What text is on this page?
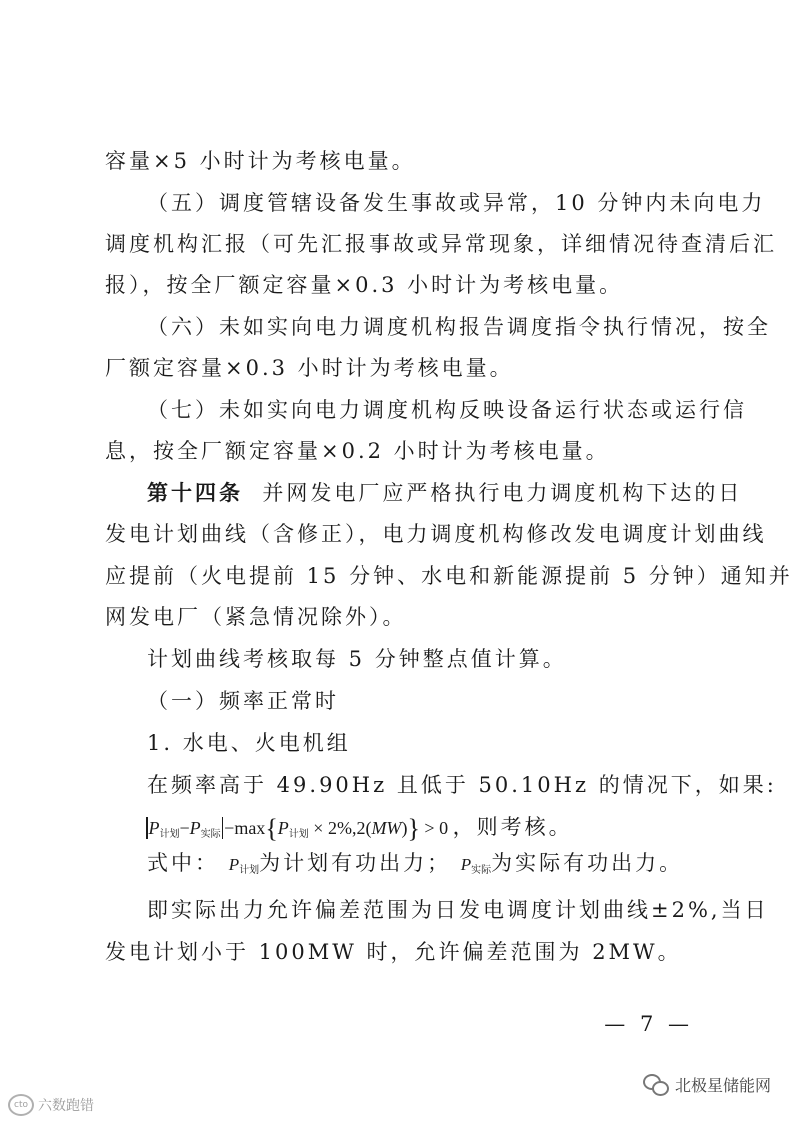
容量×5 小时计为考核电量。
（五）调度管辖设备发生事故或异常，10 分钟内未向电力
调度机构汇报（可先汇报事故或异常现象，详细情况待查清后汇
报），按全厂额定容量×0.3 小时计为考核电量。
（六）未如实向电力调度机构报告调度指令执行情况，按全
厂额定容量×0.3 小时计为考核电量。
（七）未如实向电力调度机构反映设备运行状态或运行信
息，按全厂额定容量×0.2 小时计为考核电量。
第十四条 并网发电厂应严格执行电力调度机构下达的日
发电计划曲线（含修正），电力调度机构修改发电调度计划曲线
应提前（火电提前 15 分钟、水电和新能源提前 5 分钟）通知并
网发电厂（紧急情况除外）。
计划曲线考核取每 5 分钟整点值计算。
（一）频率正常时
1. 水电、火电机组
在频率高于 49.90Hz 且低于 50.10Hz 的情况下，如果:
$P_{计划}-P_{实际} -\max\{P_{计划} \times 2\%,2(MW)\} > 0$ ，则考核。
式中： $P_{计划}$为计划有功出力； $P_{实际}$为实际有功出力。
即实际出力允许偏差范围为日发电调度计划曲线±2%,当日
发电计划小于 100MW 时，允许偏差范围为 2MW。
— 7 —
cto 六数跑错
北极星储能网
